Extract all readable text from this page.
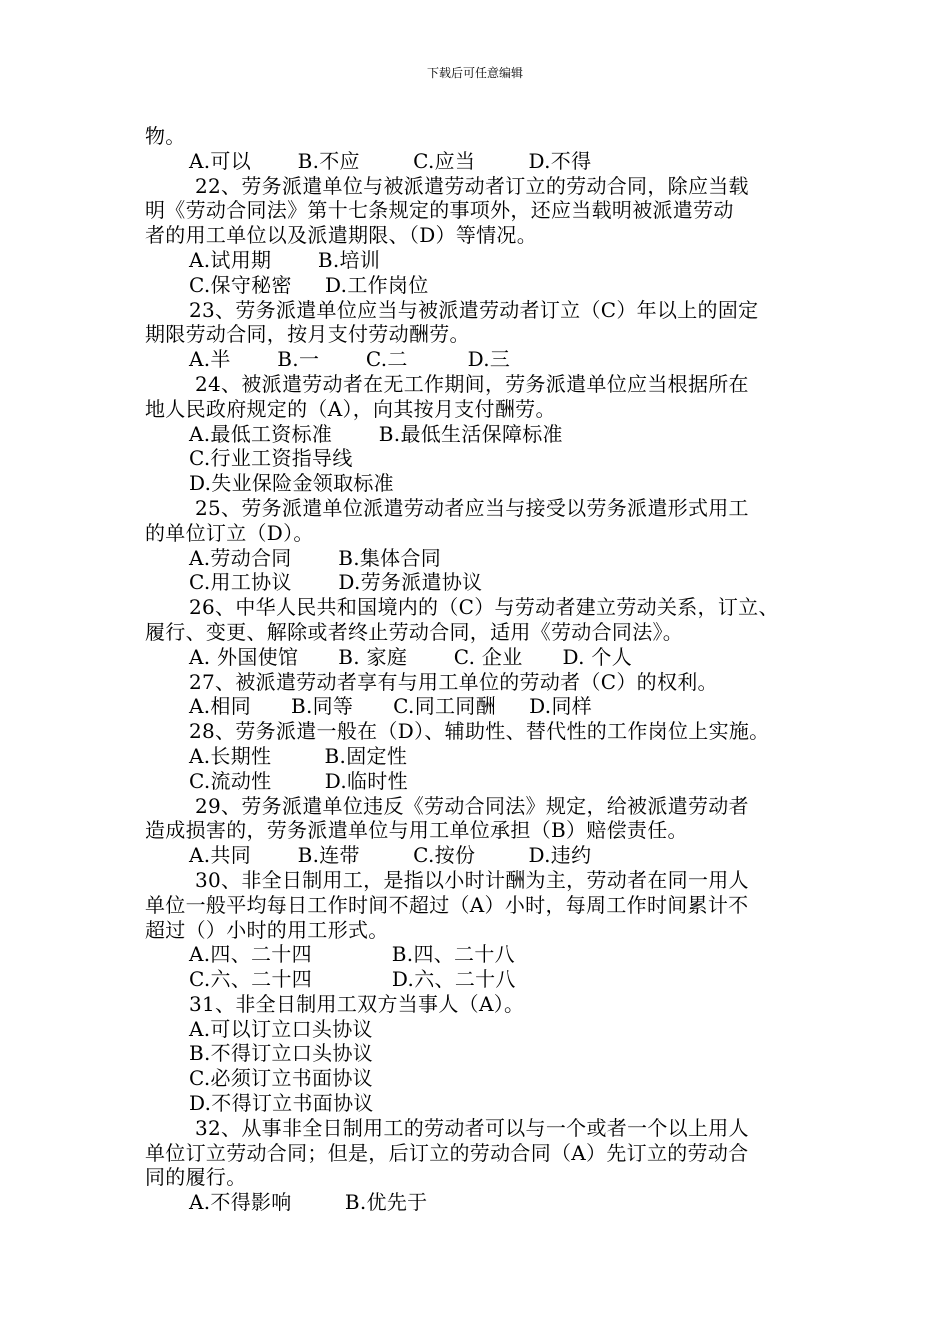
下载后可任意编辑
物。
A.可以       B.不应        C.应当        D.不得
22、劳务派遣单位与被派遣劳动者订立的劳动合同，除应当载
明《劳动合同法》第十七条规定的事项外，还应当载明被派遣劳动
者的用工单位以及派遣期限、（D）等情况。
A.试用期       B.培训
C.保守秘密     D.工作岗位
23、劳务派遣单位应当与被派遣劳动者订立（C）年以上的固定
期限劳动合同，按月支付劳动酬劳。
A.半       B.一       C.二         D.三
24、被派遣劳动者在无工作期间，劳务派遣单位应当根据所在
地人民政府规定的（A），向其按月支付酬劳。
A.最低工资标准       B.最低生活保障标准
C.行业工资指导线
D.失业保险金领取标准
25、劳务派遣单位派遣劳动者应当与接受以劳务派遣形式用工
的单位订立（D）。
A.劳动合同       B.集体合同
C.用工协议       D.劳务派遣协议
26、中华人民共和国境内的（C）与劳动者建立劳动关系，订立、
履行、变更、解除或者终止劳动合同，适用《劳动合同法》。
A. 外国使馆      B. 家庭       C. 企业      D. 个人
27、被派遣劳动者享有与用工单位的劳动者（C）的权利。
A.相同      B.同等      C.同工同酬     D.同样
28、劳务派遣一般在（D）、辅助性、替代性的工作岗位上实施。
A.长期性        B.固定性
C.流动性        D.临时性
29、劳务派遣单位违反《劳动合同法》规定，给被派遣劳动者
造成损害的，劳务派遣单位与用工单位承担（B）赔偿责任。
A.共同       B.连带        C.按份        D.违约
30、非全日制用工，是指以小时计酬为主，劳动者在同一用人
单位一般平均每日工作时间不超过（A）小时，每周工作时间累计不
超过（）小时的用工形式。
A.四、二十四            B.四、二十八
C.六、二十四            D.六、二十八
31、非全日制用工双方当事人（A）。
A.可以订立口头协议
B.不得订立口头协议
C.必须订立书面协议
D.不得订立书面协议
32、从事非全日制用工的劳动者可以与一个或者一个以上用人
单位订立劳动合同；但是，后订立的劳动合同（A）先订立的劳动合
同的履行。
A.不得影响        B.优先于
